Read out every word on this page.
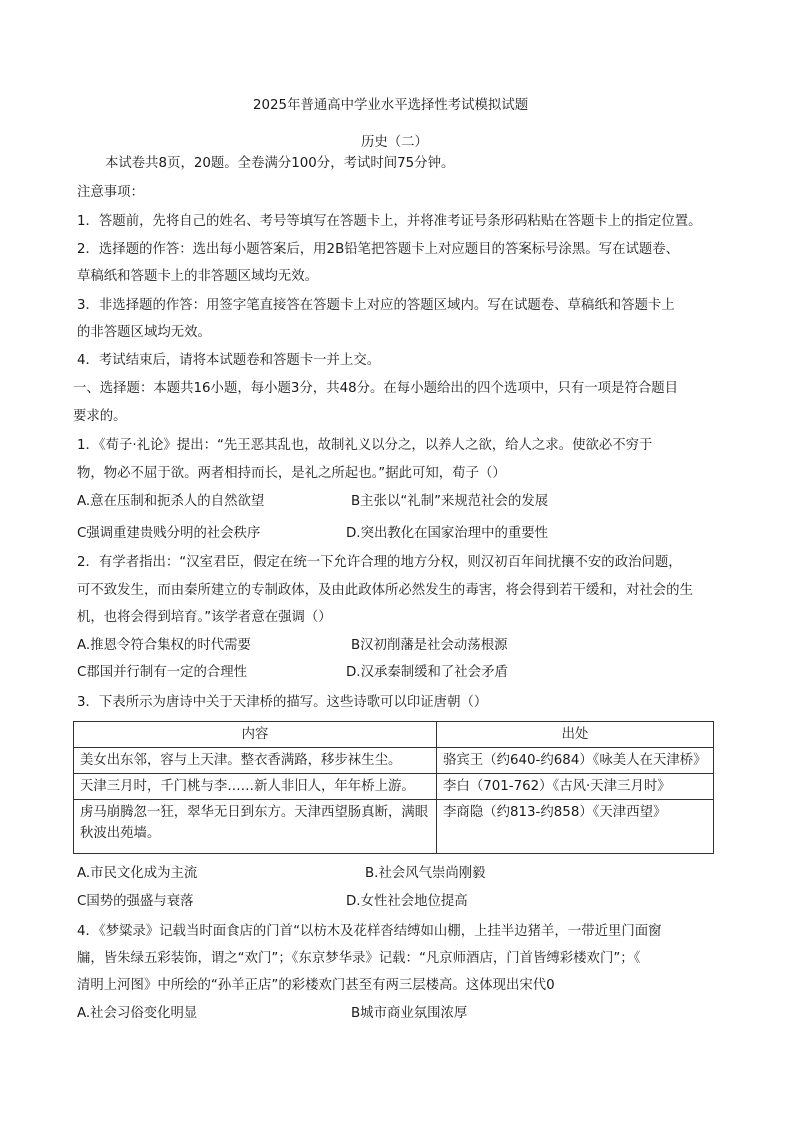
2025年普通高中学业水平选择性考试模拟试题
历史（二）
本试卷共8页，20题。全卷满分100分，考试时间75分钟。
注意事项：
1．答题前，先将自己的姓名、考号等填写在答题卡上，并将准考证号条形码粘贴在答题卡上的指定位置。
2．选择题的作答：选出每小题答案后，用2B铅笔把答题卡上对应题目的答案标号涂黑。写在试题卷、
草稿纸和答题卡上的非答题区域均无效。
3．非选择题的作答：用签字笔直接答在答题卡上对应的答题区域内。写在试题卷、草稿纸和答题卡上
的非答题区域均无效。
4．考试结束后，请将本试题卷和答题卡一并上交。
一、选择题：本题共16小题，每小题3分，共48分。在每小题给出的四个选项中，只有一项是符合题目
要求的。
1．《荀子·礼论》提出：“先王恶其乱也，故制礼义以分之，以养人之欲，给人之求。使欲必不穷于
物，物必不屈于欲。两者相持而长，是礼之所起也。”据此可知，荀子（）
A.意在压制和扼杀人的自然欲望	B主张以“礼制”来规范社会的发展
C强调重建贵贱分明的社会秩序	D.突出教化在国家治理中的重要性
2．有学者指出：“汉室君臣，假定在统一下允许合理的地方分权，则汉初百年间扰攘不安的政治问题，
可不致发生，而由秦所建立的专制政体，及由此政体所必然发生的毒害，将会得到若干缓和，对社会的生
机，也将会得到培育。”该学者意在强调（）
A.推恩令符合集权的时代需要	B汉初削藩是社会动荡根源
C郡国并行制有一定的合理性	D.汉承秦制缓和了社会矛盾
3．下表所示为唐诗中关于天津桥的描写。这些诗歌可以印证唐朝（）
内容	出处
美女出东邻，容与上天津。整衣香满路，移步袜生尘。	骆宾王（约640-约684）《咏美人在天津桥》
天津三月时，千门桃与李……新人非旧人，年年桥上游。	李白（701-762）《古风·天津三月时》
虏马崩腾忽一狂，翠华无日到东方。天津西望肠真断，满眼秋波出苑墙。	李商隐（约813-约858）《天津西望》
A.市民文化成为主流	B.社会风气崇尚刚毅
C国势的强盛与衰落	D.女性社会地位提高
4．《梦粱录》记载当时面食店的门首“以枋木及花样沓结缚如山棚，上挂半边猪羊，一带近里门面窗
牖，皆朱绿五彩装饰，谓之“欢门”；《东京梦华录》记载：“凡京师酒店，门首皆缚彩楼欢门”；《
清明上河图》中所绘的“孙羊正店”的彩楼欢门甚至有两三层楼高。这体现出宋代0
A.社会习俗变化明显	B城市商业氛围浓厚
